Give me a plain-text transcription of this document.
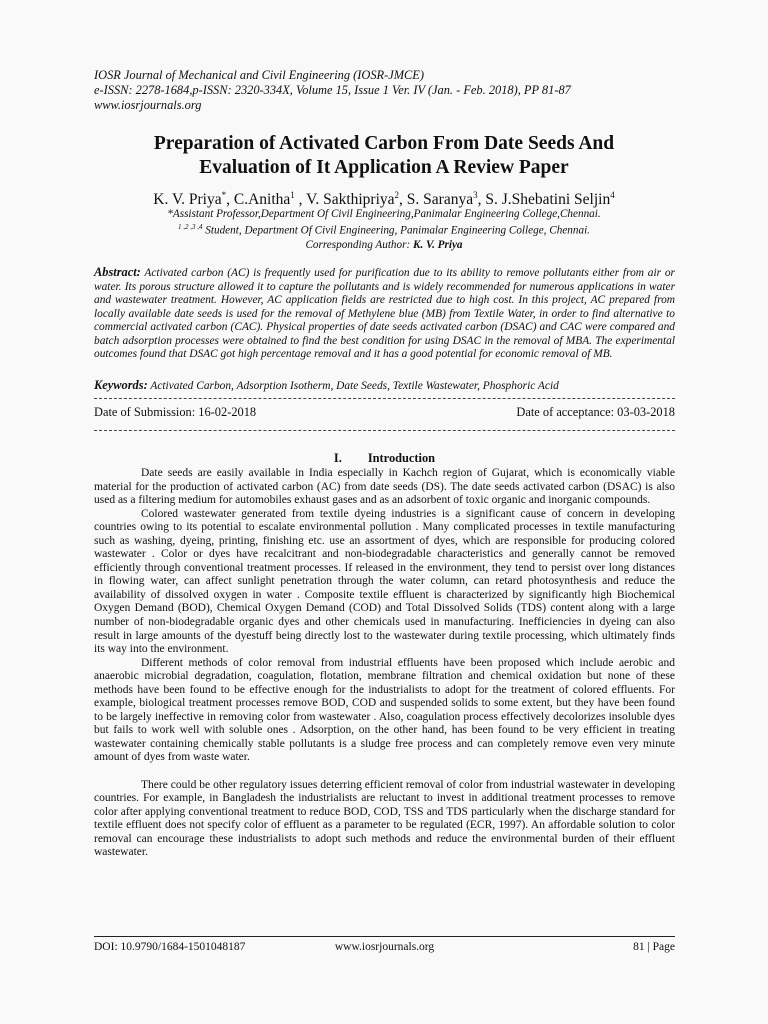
IOSR Journal of Mechanical and Civil Engineering (IOSR-JMCE)
e-ISSN: 2278-1684,p-ISSN: 2320-334X, Volume 15, Issue 1 Ver. IV (Jan. - Feb. 2018), PP 81-87
www.iosrjournals.org
Preparation of Activated Carbon From Date Seeds And
Evaluation of It Application A Review Paper
K. V. Priya*, C.Anitha$^1$ , V. Sakthipriya$^2$, S. Saranya$^3$, S. J.Shebatini Seljin$^4$
*Assistant Professor,Department Of Civil Engineering,Panimalar Engineering College,Chennai.
$^{1 ,2 ,3 ,4}$ Student, Department Of Civil Engineering, Panimalar Engineering College, Chennai.
Corresponding Author: K. V. Priya
Abstract: Activated carbon (AC) is frequently used for purification due to its ability to remove pollutants either from air or water. Its porous structure allowed it to capture the pollutants and is widely recommended for numerous applications in water and wastewater treatment. However, AC application fields are restricted due to high cost. In this project, AC prepared from locally available date seeds is used for the removal of Methylene blue (MB) from Textile Water, in order to find alternative to commercial activated carbon (CAC). Physical properties of date seeds activated carbon (DSAC) and CAC were compared and batch adsorption processes were obtained to find the best condition for using DSAC in the removal of MBA. The experimental outcomes found that DSAC got high percentage removal and it has a good potential for economic removal of MB.
Keywords: Activated Carbon, Adsorption Isotherm, Date Seeds, Textile Wastewater, Phosphoric Acid
Date of Submission: 16-02-2018	Date of acceptance: 03-03-2018
I. Introduction

Date seeds are easily available in India especially in Kachch region of Gujarat, which is economically viable material for the production of activated carbon (AC) from date seeds (DS). The date seeds activated carbon (DSAC) is also used as a filtering medium for automobiles exhaust gases and as an adsorbent of toxic organic and inorganic compounds.

Colored wastewater generated from textile dyeing industries is a significant cause of concern in developing countries owing to its potential to escalate environmental pollution . Many complicated processes in textile manufacturing such as washing, dyeing, printing, finishing etc. use an assortment of dyes, which are responsible for producing colored wastewater . Color or dyes have recalcitrant and non-biodegradable characteristics and generally cannot be removed efficiently through conventional treatment processes. If released in the environment, they tend to persist over long distances in flowing water, can affect sunlight penetration through the water column, can retard photosynthesis and reduce the availability of dissolved oxygen in water . Composite textile effluent is characterized by significantly high Biochemical Oxygen Demand (BOD), Chemical Oxygen Demand (COD) and Total Dissolved Solids (TDS) content along with a large number of non-biodegradable organic dyes and other chemicals used in manufacturing. Inefficiencies in dyeing can also result in large amounts of the dyestuff being directly lost to the wastewater during textile processing, which ultimately finds its way into the environment.

Different methods of color removal from industrial effluents have been proposed which include aerobic and anaerobic microbial degradation, coagulation, flotation, membrane filtration and chemical oxidation but none of these methods have been found to be effective enough for the industrialists to adopt for the treatment of colored effluents. For example, biological treatment processes remove BOD, COD and suspended solids to some extent, but they have been found to be largely ineffective in removing color from wastewater . Also, coagulation process effectively decolorizes insoluble dyes but fails to work well with soluble ones . Adsorption, on the other hand, has been found to be very efficient in treating wastewater containing chemically stable pollutants is a sludge free process and can completely remove even very minute amount of dyes from waste water.

There could be other regulatory issues deterring efficient removal of color from industrial wastewater in developing countries. For example, in Bangladesh the industrialists are reluctant to invest in additional treatment processes to remove color after applying conventional treatment to reduce BOD, COD, TSS and TDS particularly when the discharge standard for textile effluent does not specify color of effluent as a parameter to be regulated (ECR, 1997). An affordable solution to color removal can encourage these industrialists to adopt such methods and reduce the environmental burden of their effluent wastewater.

DOI: 10.9790/1684-1501048187	www.iosrjournals.org	81 | Page
